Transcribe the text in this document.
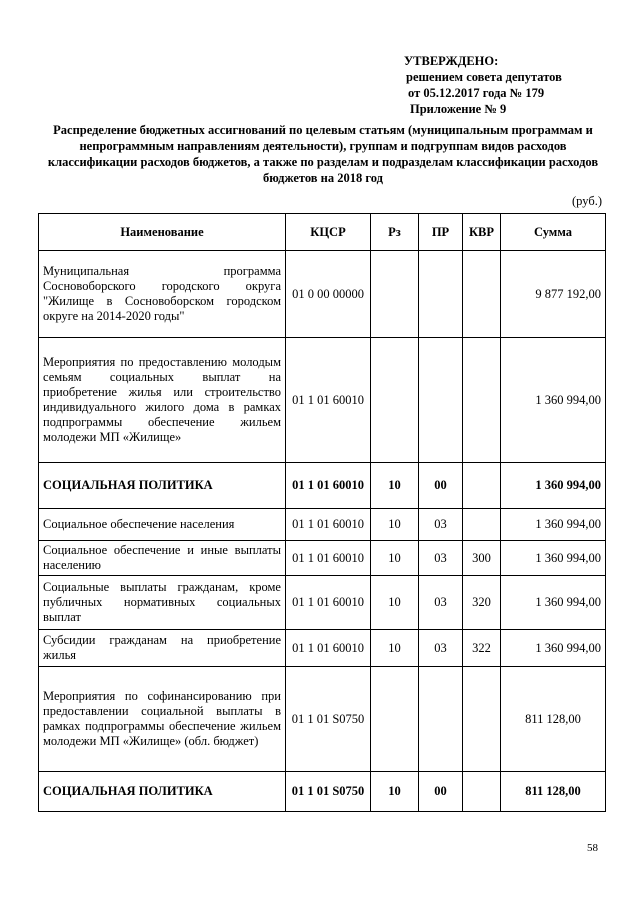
УТВЕРЖДЕНО:
решением совета депутатов
от 05.12.2017 года № 179
Приложение № 9
Распределение бюджетных ассигнований по целевым статьям (муниципальным программам и непрограммным направлениям деятельности), группам и подгруппам видов расходов классификации расходов бюджетов, а также по разделам и подразделам классификации расходов бюджетов на 2018 год
(руб.)
Наименование	КЦСР	Рз	ПР	КВР	Сумма
Муниципальная программа Сосновоборского городского округа "Жилище в Сосновоборском городском округе на 2014-2020 годы"	01 0 00 00000				9 877 192,00
Мероприятия по предоставлению молодым семьям социальных выплат на приобретение жилья или строительство индивидуального жилого дома в рамках подпрограммы обеспечение жильем молодежи МП «Жилище»	01 1 01 60010				1 360 994,00
СОЦИАЛЬНАЯ ПОЛИТИКА	01 1 01 60010	10	00		1 360 994,00
Социальное обеспечение населения	01 1 01 60010	10	03		1 360 994,00
Социальное обеспечение и иные выплаты населению	01 1 01 60010	10	03	300	1 360 994,00
Социальные выплаты гражданам, кроме публичных нормативных социальных выплат	01 1 01 60010	10	03	320	1 360 994,00
Субсидии гражданам на приобретение жилья	01 1 01 60010	10	03	322	1 360 994,00
Мероприятия по софинансированию при предоставлении социальной выплаты в рамках подпрограммы обеспечение жильем молодежи МП «Жилище» (обл. бюджет)	01 1 01 S0750				811 128,00
СОЦИАЛЬНАЯ ПОЛИТИКА	01 1 01 S0750	10	00		811 128,00
58
